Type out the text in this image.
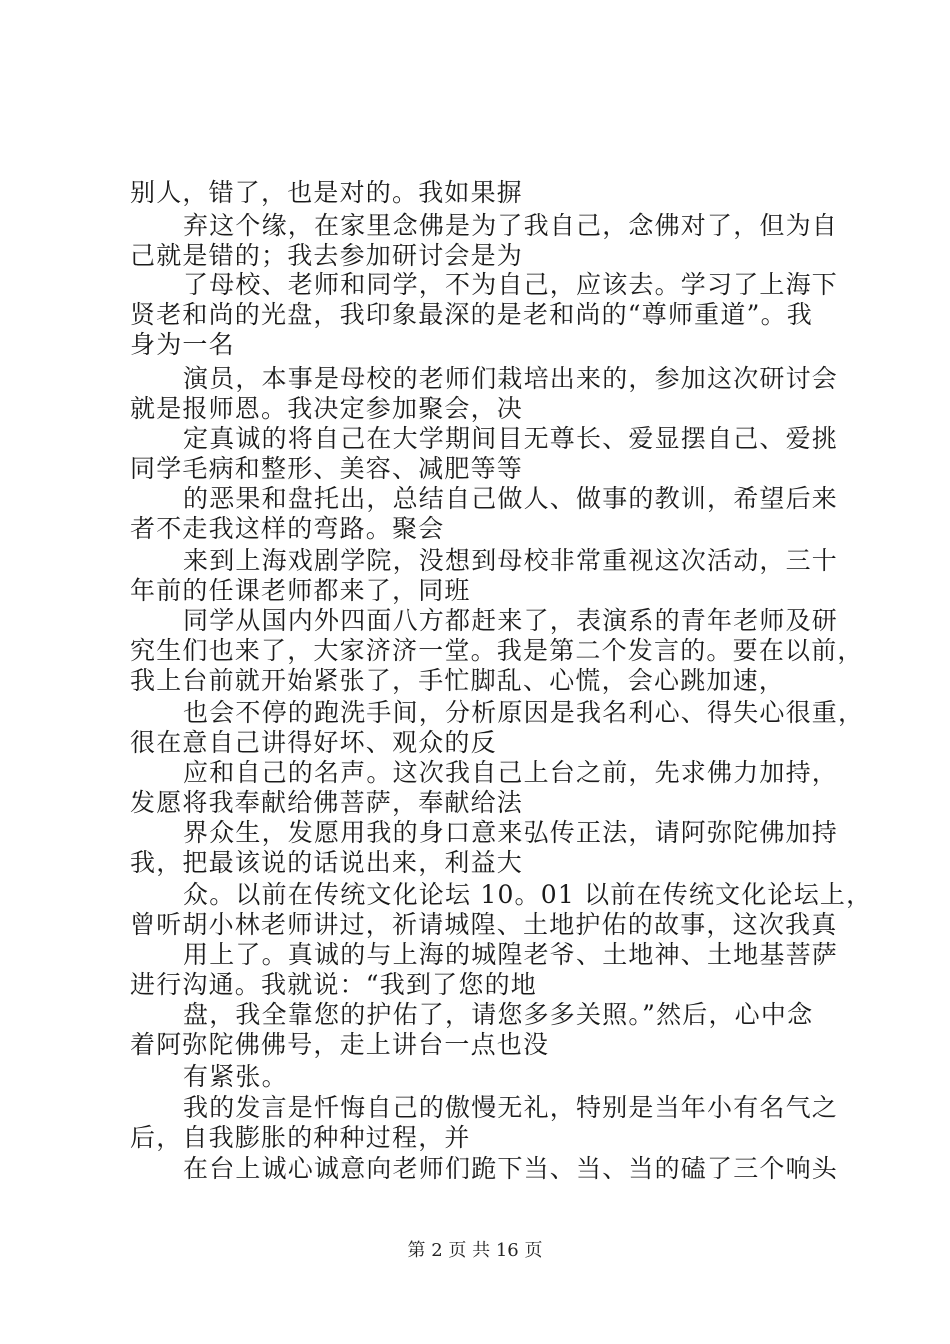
别人，错了，也是对的。我如果摒
弃这个缘，在家里念佛是为了我自己，念佛对了，但为自
己就是错的；我去参加研讨会是为
了母校、老师和同学，不为自己，应该去。学习了上海下
贤老和尚的光盘，我印象最深的是老和尚的“尊师重道”。我
身为一名
演员，本事是母校的老师们栽培出来的，参加这次研讨会
就是报师恩。我决定参加聚会，决
定真诚的将自己在大学期间目无尊长、爱显摆自己、爱挑
同学毛病和整形、美容、减肥等等
的恶果和盘托出，总结自己做人、做事的教训，希望后来
者不走我这样的弯路。聚会
来到上海戏剧学院，没想到母校非常重视这次活动，三十
年前的任课老师都来了，同班
同学从国内外四面八方都赶来了，表演系的青年老师及研
究生们也来了，大家济济一堂。我是第二个发言的。要在以前，
我上台前就开始紧张了，手忙脚乱、心慌，会心跳加速，
也会不停的跑洗手间，分析原因是我名利心、得失心很重，
很在意自己讲得好坏、观众的反
应和自己的名声。这次我自己上台之前，先求佛力加持，
发愿将我奉献给佛菩萨，奉献给法
界众生，发愿用我的身口意来弘传正法，请阿弥陀佛加持
我，把最该说的话说出来，利益大
众。以前在传统文化论坛 10。01 以前在传统文化论坛上，
曾听胡小林老师讲过，祈请城隍、土地护佑的故事，这次我真
用上了。真诚的与上海的城隍老爷、土地神、土地基菩萨
进行沟通。我就说：“我到了您的地
盘，我全靠您的护佑了，请您多多关照。”然后，心中念
着阿弥陀佛佛号，走上讲台一点也没
有紧张。
我的发言是忏悔自己的傲慢无礼，特别是当年小有名气之
后，自我膨胀的种种过程，并
在台上诚心诚意向老师们跪下当、当、当的磕了三个响头
第 2 页 共 16 页
